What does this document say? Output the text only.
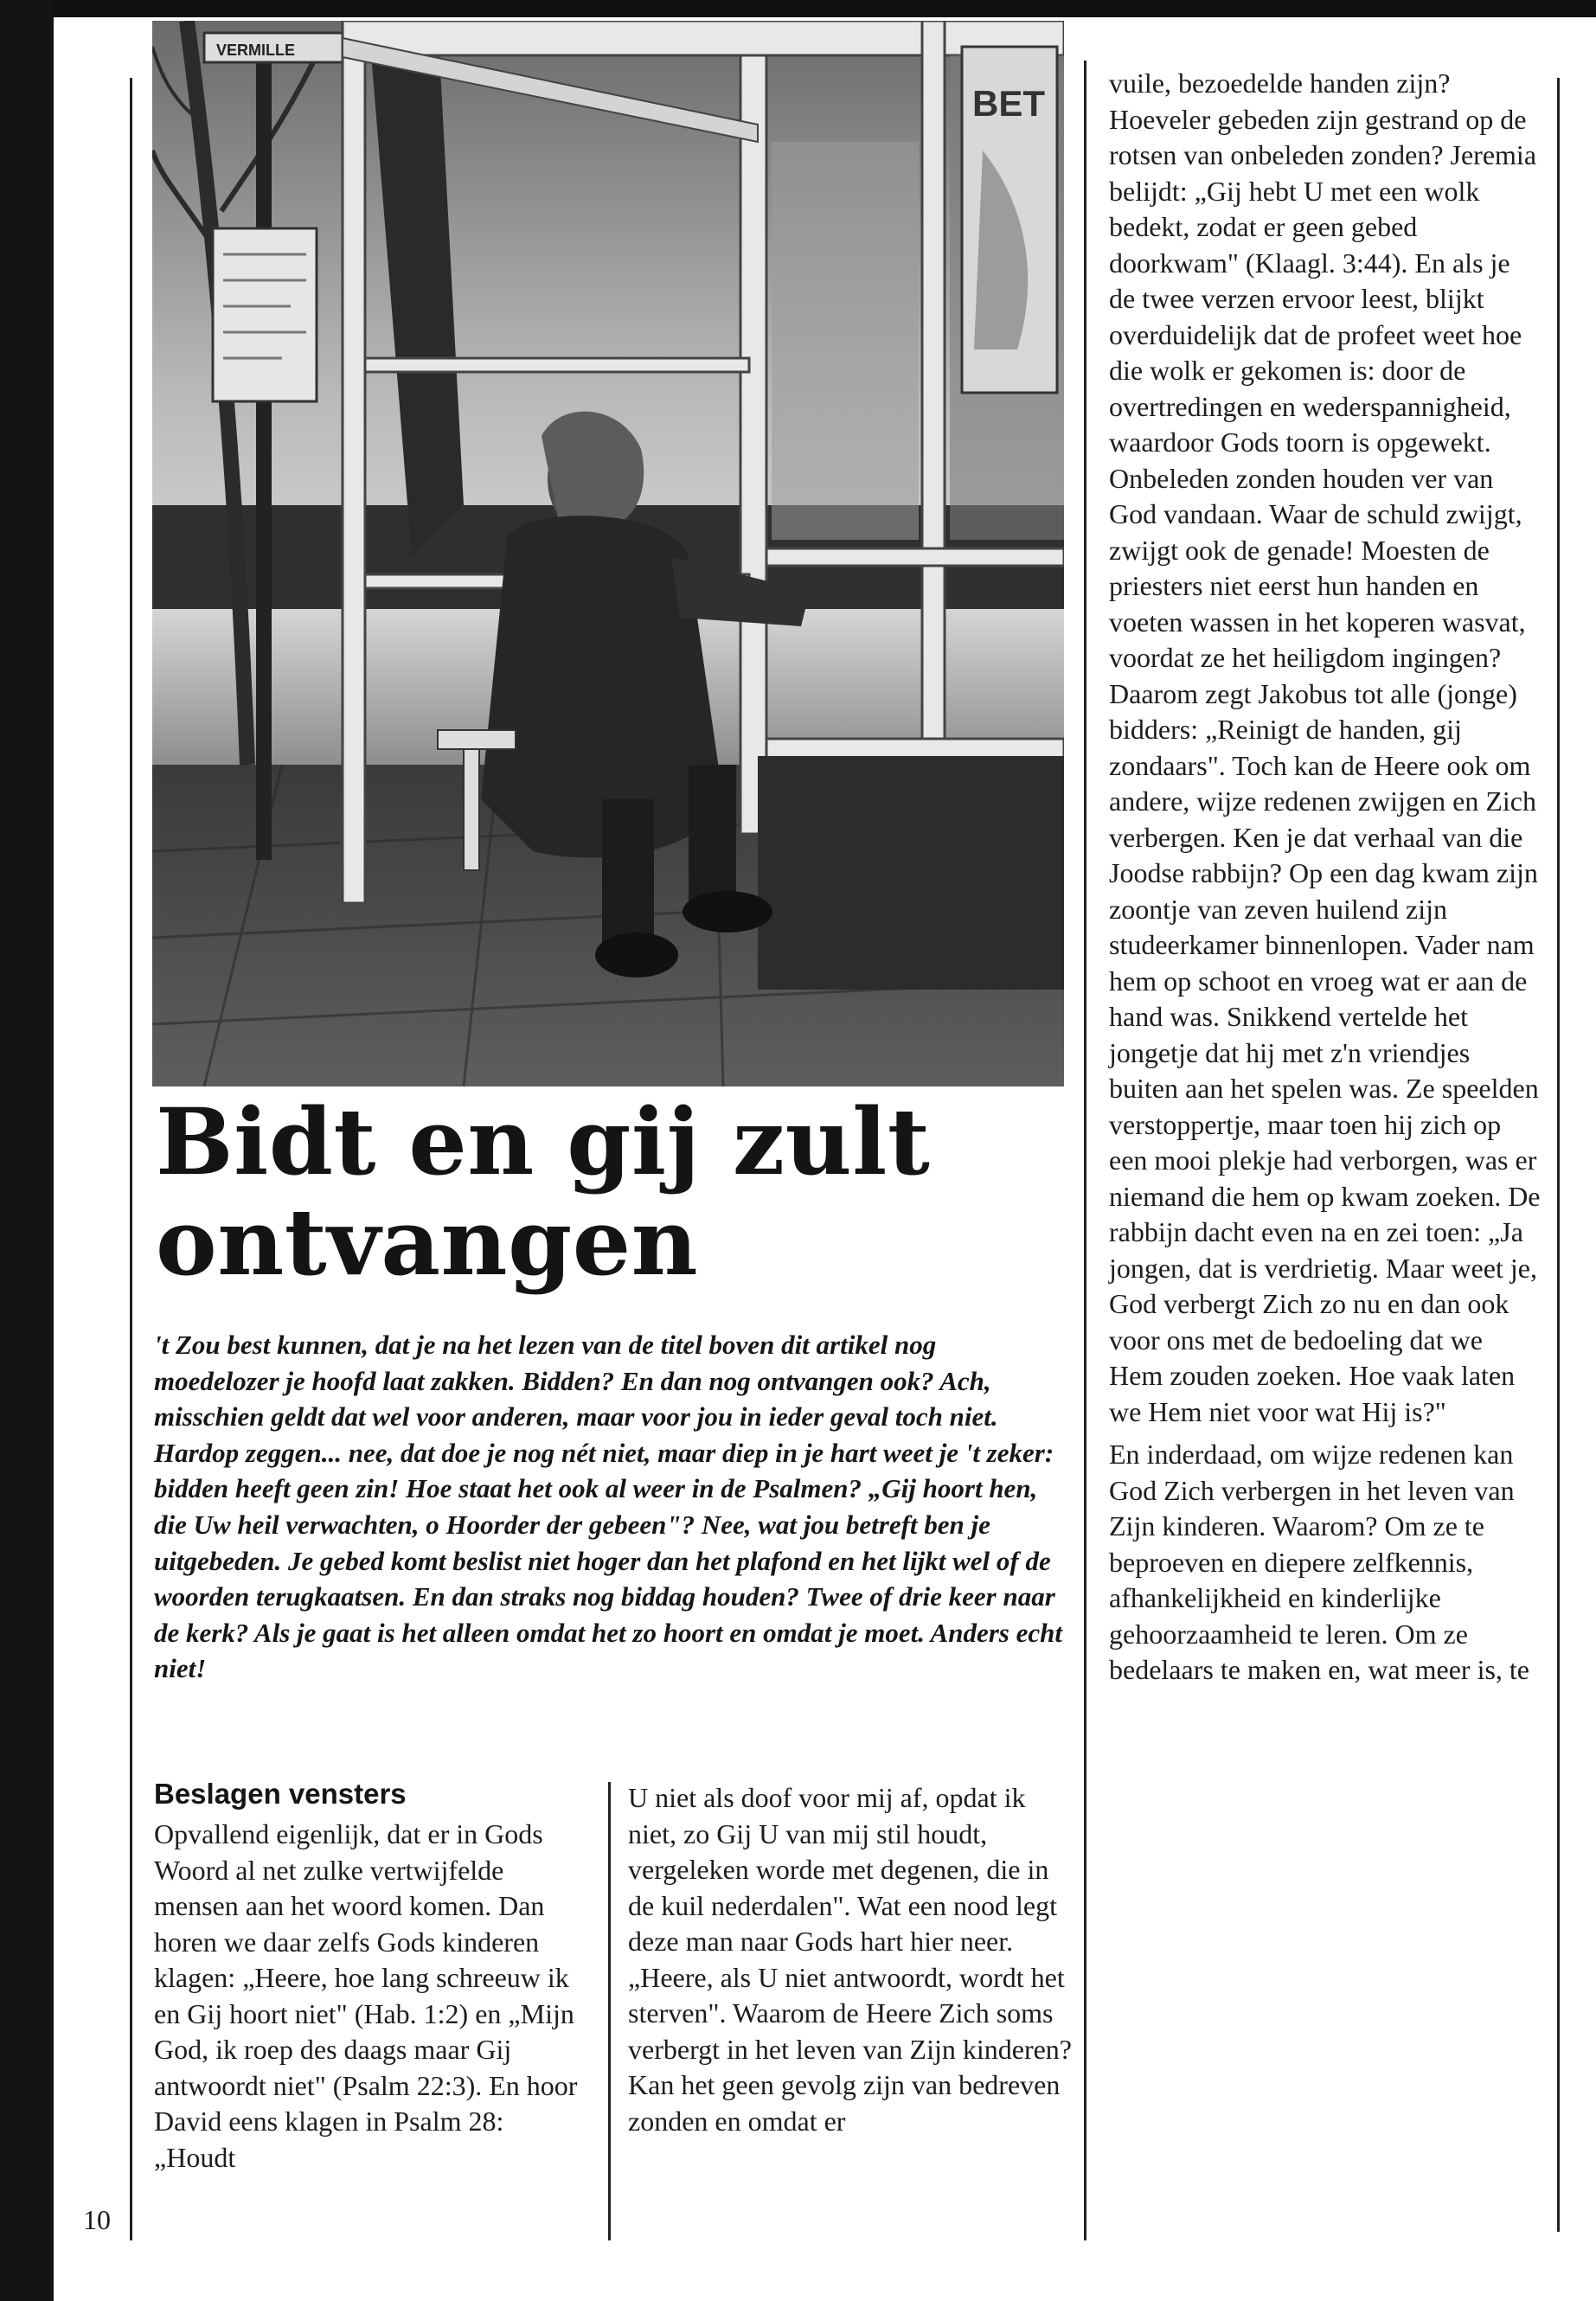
VERMILLE
BET
Bidt en gij zult ontvangen

't Zou best kunnen, dat je na het lezen van de titel boven dit artikel nog moedelozer je hoofd laat zakken. Bidden? En dan nog ontvangen ook? Ach, misschien geldt dat wel voor anderen, maar voor jou in ieder geval toch niet. Hardop zeggen... nee, dat doe je nog nét niet, maar diep in je hart weet je 't zeker: bidden heeft geen zin! Hoe staat het ook al weer in de Psalmen? „Gij hoort hen, die Uw heil verwachten, o Hoorder der gebeen"? Nee, wat jou betreft ben je uitgebeden. Je gebed komt beslist niet hoger dan het plafond en het lijkt wel of de woorden terugkaatsen. En dan straks nog biddag houden? Twee of drie keer naar de kerk? Als je gaat is het alleen omdat het zo hoort en omdat je moet. Anders echt niet!

Beslagen vensters

Opvallend eigenlijk, dat er in Gods Woord al net zulke vertwijfelde mensen aan het woord komen. Dan horen we daar zelfs Gods kinderen klagen: „Heere, hoe lang schreeuw ik en Gij hoort niet" (Hab. 1:2) en „Mijn God, ik roep des daags maar Gij antwoordt niet" (Psalm 22:3). En hoor David eens klagen in Psalm 28: „Houdt

U niet als doof voor mij af, opdat ik niet, zo Gij U van mij stil houdt, vergeleken worde met degenen, die in de kuil nederdalen". Wat een nood legt deze man naar Gods hart hier neer. „Heere, als U niet antwoordt, wordt het sterven". Waarom de Heere Zich soms verbergt in het leven van Zijn kinderen? Kan het geen gevolg zijn van bedreven zonden en omdat er

vuile, bezoedelde handen zijn? Hoeveler gebeden zijn gestrand op de rotsen van onbeleden zonden? Jeremia belijdt: „Gij hebt U met een wolk bedekt, zodat er geen gebed doorkwam" (Klaagl. 3:44). En als je de twee verzen ervoor leest, blijkt overduidelijk dat de profeet weet hoe die wolk er gekomen is: door de overtredingen en wederspannigheid, waardoor Gods toorn is opgewekt. Onbeleden zonden houden ver van God vandaan. Waar de schuld zwijgt, zwijgt ook de genade! Moesten de priesters niet eerst hun handen en voeten wassen in het koperen wasvat, voordat ze het heiligdom ingingen? Daarom zegt Jakobus tot alle (jonge) bidders: „Reinigt de handen, gij zondaars". Toch kan de Heere ook om andere, wijze redenen zwijgen en Zich verbergen. Ken je dat verhaal van die Joodse rabbijn? Op een dag kwam zijn zoontje van zeven huilend zijn studeerkamer binnenlopen. Vader nam hem op schoot en vroeg wat er aan de hand was. Snikkend vertelde het jongetje dat hij met z'n vriendjes buiten aan het spelen was. Ze speelden verstoppertje, maar toen hij zich op een mooi plekje had verborgen, was er niemand die hem op kwam zoeken. De rabbijn dacht even na en zei toen: „Ja jongen, dat is verdrietig. Maar weet je, God verbergt Zich zo nu en dan ook voor ons met de bedoeling dat we Hem zouden zoeken. Hoe vaak laten we Hem niet voor wat Hij is?"

En inderdaad, om wijze redenen kan God Zich verbergen in het leven van Zijn kinderen. Waarom? Om ze te beproeven en diepere zelfkennis, afhankelijkheid en kinderlijke gehoorzaamheid te leren. Om ze bedelaars te maken en, wat meer is, te

10
